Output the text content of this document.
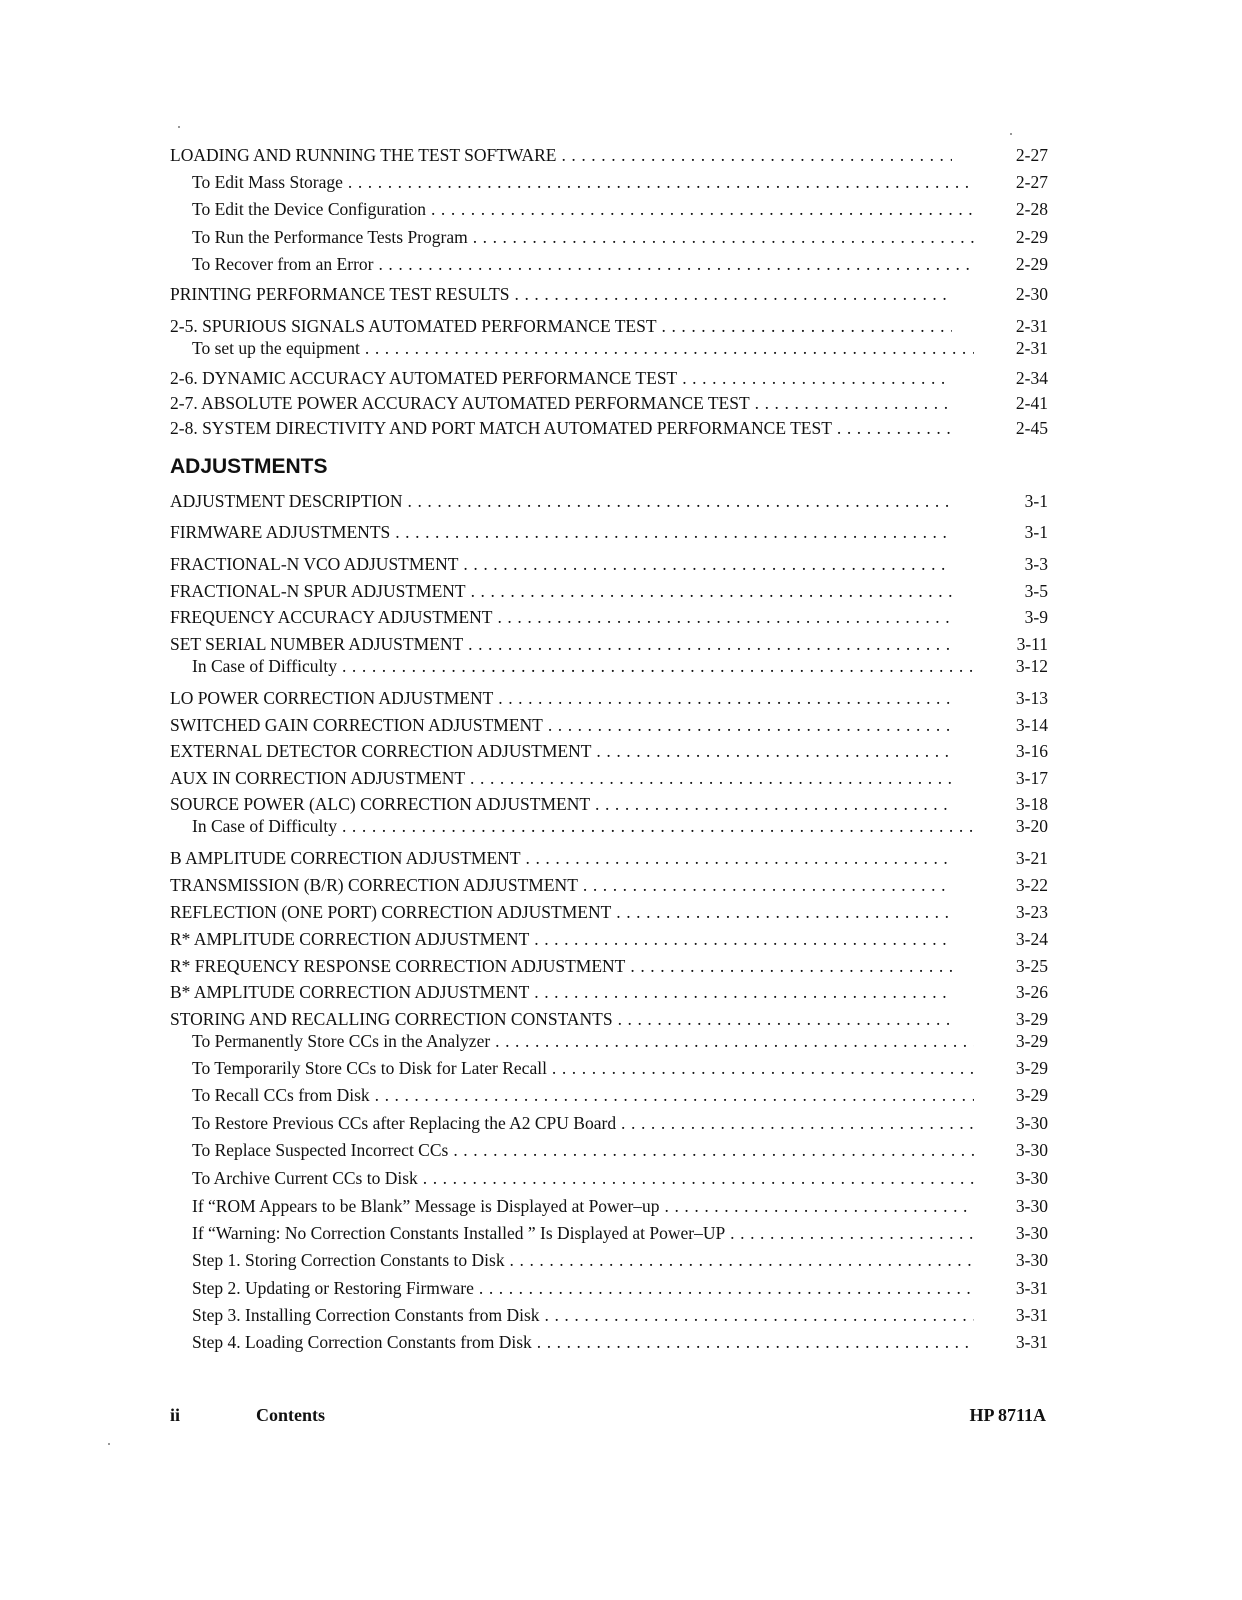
LOADING AND RUNNING THE TEST SOFTWARE . . .	2-27
To Edit Mass Storage . . .	2-27
To Edit the Device Configuration . . .	2-28
To Run the Performance Tests Program . . .	2-29
To Recover from an Error . . .	2-29
PRINTING PERFORMANCE TEST RESULTS . . .	2-30
2-5. SPURIOUS SIGNALS AUTOMATED PERFORMANCE TEST . . .	2-31
To set up the equipment . . .	2-31
2-6. DYNAMIC ACCURACY AUTOMATED PERFORMANCE TEST . . .	2-34
2-7. ABSOLUTE POWER ACCURACY AUTOMATED PERFORMANCE TEST . . .	2-41
2-8. SYSTEM DIRECTIVITY AND PORT MATCH AUTOMATED PERFORMANCE TEST . . .	2-45
ADJUSTMENTS
ADJUSTMENT DESCRIPTION . . .	3-1
FIRMWARE ADJUSTMENTS . . .	3-1
FRACTIONAL-N VCO ADJUSTMENT . . .	3-3
FRACTIONAL-N SPUR ADJUSTMENT . . .	3-5
FREQUENCY ACCURACY ADJUSTMENT . . .	3-9
SET SERIAL NUMBER ADJUSTMENT . . .	3-11
In Case of Difficulty . . .	3-12
LO POWER CORRECTION ADJUSTMENT . . .	3-13
SWITCHED GAIN CORRECTION ADJUSTMENT . . .	3-14
EXTERNAL DETECTOR CORRECTION ADJUSTMENT . . .	3-16
AUX IN CORRECTION ADJUSTMENT . . .	3-17
SOURCE POWER (ALC) CORRECTION ADJUSTMENT . . .	3-18
In Case of Difficulty . . .	3-20
B AMPLITUDE CORRECTION ADJUSTMENT . . .	3-21
TRANSMISSION (B/R) CORRECTION ADJUSTMENT . . .	3-22
REFLECTION (ONE PORT) CORRECTION ADJUSTMENT . . .	3-23
R* AMPLITUDE CORRECTION ADJUSTMENT . . .	3-24
R* FREQUENCY RESPONSE CORRECTION ADJUSTMENT . . .	3-25
B* AMPLITUDE CORRECTION ADJUSTMENT . . .	3-26
STORING AND RECALLING CORRECTION CONSTANTS . . .	3-29
To Permanently Store CCs in the Analyzer . . .	3-29
To Temporarily Store CCs to Disk for Later Recall . . .	3-29
To Recall CCs from Disk . . .	3-29
To Restore Previous CCs after Replacing the A2 CPU Board . . .	3-30
To Replace Suspected Incorrect CCs . . .	3-30
To Archive Current CCs to Disk . . .	3-30
If “ROM Appears to be Blank” Message is Displayed at Power–up . . .	3-30
If “Warning: No Correction Constants Installed ” Is Displayed at Power–UP . . .	3-30
Step 1. Storing Correction Constants to Disk . . .	3-30
Step 2. Updating or Restoring Firmware . . .	3-31
Step 3. Installing Correction Constants from Disk . . .	3-31
Step 4. Loading Correction Constants from Disk . . .	3-31
ii	Contents	HP 8711A
